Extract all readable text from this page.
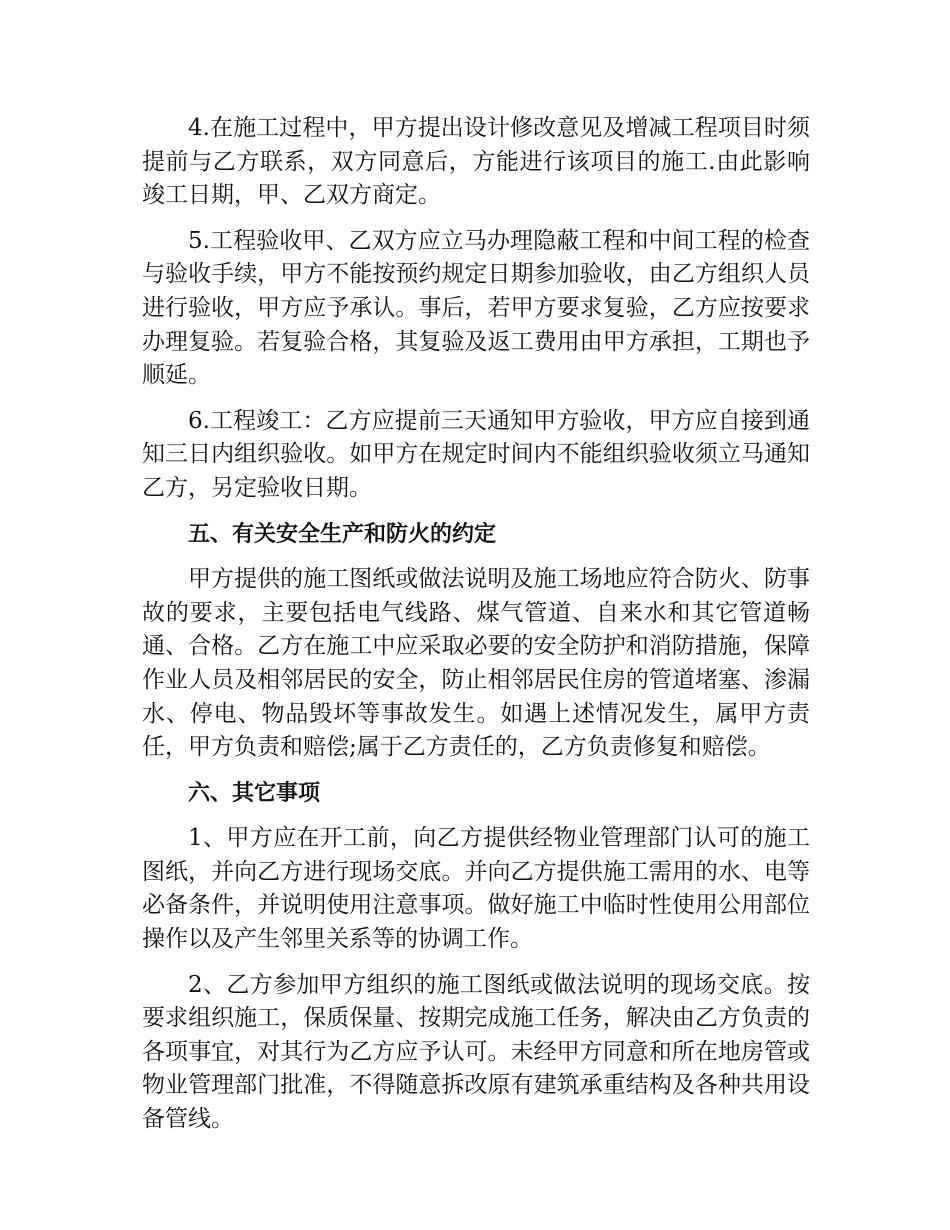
4.在施工过程中，甲方提出设计修改意见及增减工程项目时须提前与乙方联系，双方同意后，方能进行该项目的施工.由此影响竣工日期，甲、乙双方商定。

5.工程验收甲、乙双方应立马办理隐蔽工程和中间工程的检查与验收手续，甲方不能按预约规定日期参加验收，由乙方组织人员进行验收，甲方应予承认。事后，若甲方要求复验，乙方应按要求办理复验。若复验合格，其复验及返工费用由甲方承担，工期也予顺延。

6.工程竣工：乙方应提前三天通知甲方验收，甲方应自接到通知三日内组织验收。如甲方在规定时间内不能组织验收须立马通知乙方，另定验收日期。

五、有关安全生产和防火的约定

甲方提供的施工图纸或做法说明及施工场地应符合防火、防事故的要求，主要包括电气线路、煤气管道、自来水和其它管道畅通、合格。乙方在施工中应采取必要的安全防护和消防措施，保障作业人员及相邻居民的安全，防止相邻居民住房的管道堵塞、渗漏水、停电、物品毁坏等事故发生。如遇上述情况发生，属甲方责任，甲方负责和赔偿;属于乙方责任的，乙方负责修复和赔偿。

六、其它事项

1、甲方应在开工前，向乙方提供经物业管理部门认可的施工图纸，并向乙方进行现场交底。并向乙方提供施工需用的水、电等必备条件，并说明使用注意事项。做好施工中临时性使用公用部位操作以及产生邻里关系等的协调工作。

2、乙方参加甲方组织的施工图纸或做法说明的现场交底。按要求组织施工，保质保量、按期完成施工任务，解决由乙方负责的各项事宜，对其行为乙方应予认可。未经甲方同意和所在地房管或物业管理部门批准，不得随意拆改原有建筑承重结构及各种共用设备管线。
